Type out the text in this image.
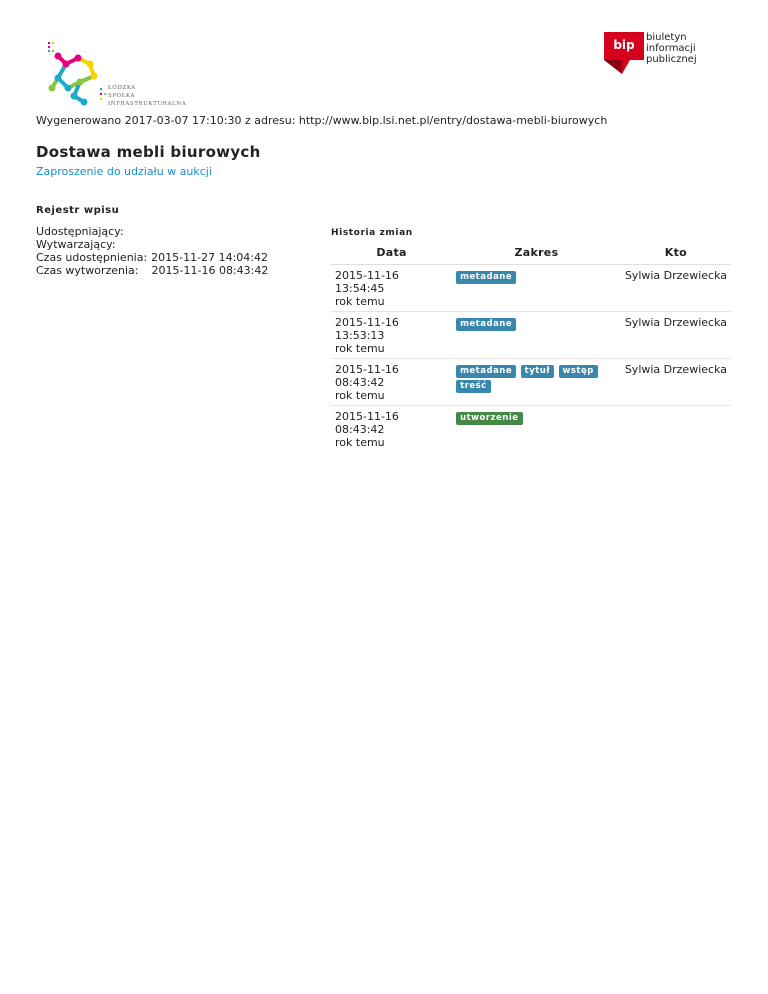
ŁÓDZKA
SPÓŁKA
INFRASTRUKTURALNA
bip
biuletyn
informacji publicznej
Wygenerowano 2017-03-07 17:10:30 z adresu: http://www.bip.lsi.net.pl/entry/dostawa-mebli-biurowych
Dostawa mebli biurowych
Zaproszenie do udziału w aukcji
Rejestr wpisu
Udostępniający:
Wytwarzający:
Czas udostępnienia: 2015-11-27 14:04:42
Czas wytworzenia: 2015-11-16 08:43:42
Historia zmian
Data	Zakres	Kto

2015-11-16 13:54:45
rok temu	metadane	Sylwia Drzewiecka

2015-11-16 13:53:13
rok temu	metadane	Sylwia Drzewiecka

2015-11-16 08:43:42
rok temu	metadane tytuł wstęp treść	Sylwia Drzewiecka

2015-11-16 08:43:42
rok temu	utworzenie	
